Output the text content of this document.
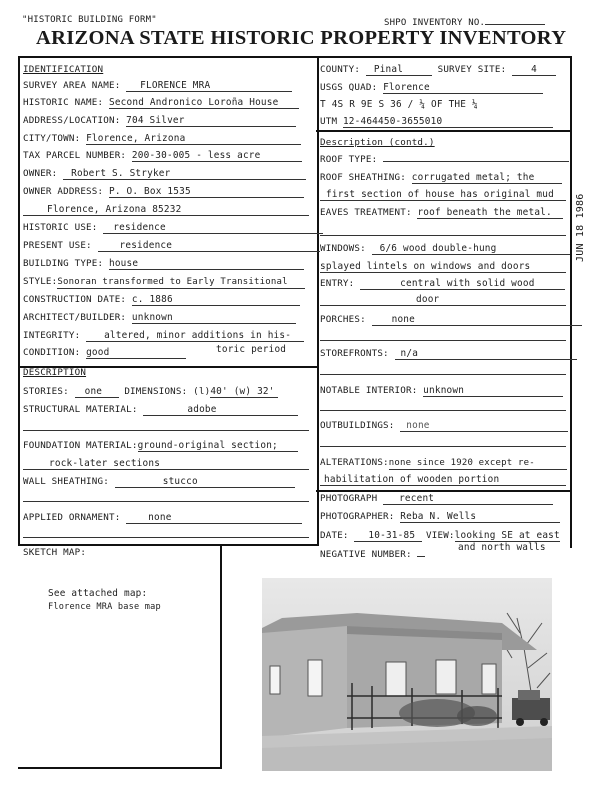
"HISTORIC BUILDING FORM"	SHPO INVENTORY NO.
ARIZONA STATE HISTORIC PROPERTY INVENTORY
IDENTIFICATION
SURVEY AREA NAME: FLORENCE MRA
HISTORIC NAME: Second Andronico Loroña House
ADDRESS/LOCATION: 704 Silver
CITY/TOWN: Florence, Arizona
TAX PARCEL NUMBER: 200-30-005 - less acre
OWNER: Robert S. Stryker
OWNER ADDRESS: P. O. Box 1535
Florence, Arizona 85232
HISTORIC USE: residence
PRESENT USE:	residence
BUILDING TYPE: house
STYLE:Sonoran transformed to Early Transitional
CONSTRUCTION DATE: c. 1886
ARCHITECT/BUILDER: unknown
INTEGRITY:	altered, minor additions in his-
CONDITION: good	toric period
COUNTY: Pinal	SURVEY SITE:	4
USGS QUAD: Florence
T 4S R 9E S 36 / ¼ OF THE ¼
UTM 12-464450-3655010
Description (contd.)
ROOF TYPE:
ROOF SHEATHING: corrugated metal; the
first section of house has original mud
EAVES TREATMENT: roof beneath the metal.
WINDOWS: 6/6 wood double-hung
splayed lintels on windows and doors
ENTRY:	central with solid wood
door
PORCHES:	none
STOREFRONTS: n/a
NOTABLE INTERIOR: unknown
OUTBUILDINGS: none
ALTERATIONS:none since 1920 except re-
habilitation of wooden portion
DESCRIPTION
STORIES: one DIMENSIONS: (l)40' (w) 32'
STRUCTURAL MATERIAL:	adobe
FOUNDATION MATERIAL:ground-original section;
rock-later sections
WALL SHEATHING:	stucco
APPLIED ORNAMENT:	none
PHOTOGRAPH recent
PHOTOGRAPHER: Reba N. Wells
DATE: 10-31-85	VIEW:looking SE at east
and north walls
NEGATIVE NUMBER:
SKETCH MAP:
See attached map:
Florence MRA base map
JUN 18 1986
